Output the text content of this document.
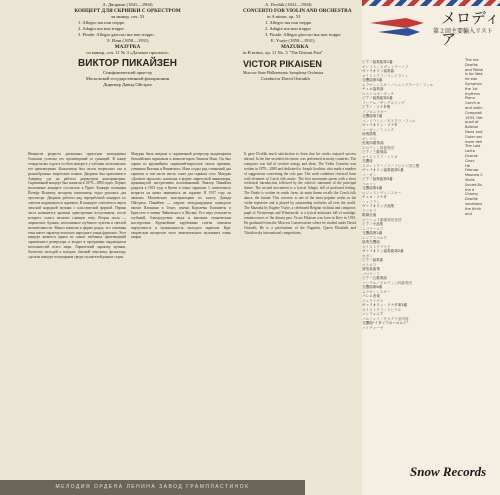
А. Дворжак (1841—1904)
КОНЦЕРТ ДЛЯ СКРИПКИ С ОРКЕСТРОМ
ля минор, соч. 53
1. Allegro ma non troppo
2. Adagio ma non troppo
3. Finale: Allegro giocoso ma non troppo
Э. Изаи (1858—1931)
МАЗУРКА
си минор, соч. 11 № 3 «Далекое прошлое»
ВИКТОР ПИКАЙЗЕН
Симфонический оркестр
Московской государственной филармонии
Дирижер Давид Ойстрах
A. Dvořák (1841—1904)
CONCERTO FOR VIOLIN AND ORCHESTRA
in A minor, op. 53
1. Allegro ma non troppo
2. Adagio ma non troppo
3. Finale: Allegro giocoso ma non troppo
E. Ysaÿe (1858—1931)
MAZURKA
in B minor, op. 11 No. 3 "The Distant Past"
VICTOR PIKAISEN
Moscow State Philharmonic Symphony Orchestra
Conductor David Oistrakh
Немногие редкость различных оркестров эксперимент большим успехам его произведений за границей. В конце семидесятых годов в особом интересе у публики пользовались его произведения. Композитор был полон творческих сил и разнообразных творческих планов. Дворжак был приглашен в Америку, где он работал директором консерватории. Скрипичный концерт был написан в 1879—1880 годах. Первое исполнение концерта состоялось в Праге. Концерт посвящен Йозефу Иоахиму, которому композитор отдал рукопись для просмотра. Дворжак работал над переработкой концерта по советам выдающегося скрипача. В концерте сочетаются черты чешской народной музыки с классической формой. Первая часть начинается кратким оркестровым вступлением, после которого солист излагает главную тему. Вторая часть — лирическое Адажио, исполненное глубокого чувства и светлой мечтательности. Финал написан в форме рондо, его основная тема имеет характер чешского народного танца фурианта. Этот концерт является одним из самых любимых произведений скрипичного репертуара и входит в программы выдающихся исполнителей всего мира. Лирический характер музыки, богатство мелодий и колорит, близкий чешскому фольклору, сделали концерт популярным среди слушателей разных стран.
Мазурка была введена в скрипичный репертуар выдающимся бельгийским скрипачом и композитором Эженом Изаи. Он был одним из крупнейших скрипачей-виртуозов своего времени, учеником Вьетана и Венявского. Изаи создал ряд сочинений для скрипки, в том числе шесть сонат для скрипки соло. Мазурка «Далекое прошлое» написана в форме лирической миниатюры, проникнутой настроением воспоминаний. Виктор Пикайзен родился в 1933 году в Киеве в семье скрипача. С пятилетнего возраста он начал заниматься на скрипке. В 1957 году он окончил Московскую консерваторию по классу Давида Ойстраха. Пикайзен — лауреат международных конкурсов имени Паганини в Генуе, имени Королевы Елизаветы в Брюсселе и имени Чайковского в Москве. Его игра отличается глубиной, благородством звука и высоким техническим мастерством. Крупнейшие зарубежные газеты отмечали виртуозность и музыкальность молодого скрипача. Круг творческих интересов этого замечательного музыканта очень широк.
If gave Dvořák much satisfaction to learn that his works enjoyed success abroad. In the late seventies his music was performed in many countries. The composer was full of creative energy and ideas. The Violin Concerto was written in 1879—1880 and dedicated to Joseph Joachim, who made a number of suggestions concerning the solo part. The work combines classical form with elements of Czech folk music. The first movement opens with a short orchestral introduction followed by the soloist's statement of the principal theme. The second movement is a lyrical Adagio full of profound feeling. The Finale is written in rondo form; its main theme recalls the Czech folk dance, the furiant. This concerto is one of the most popular works in the violin repertoire and is played by outstanding violinists all over the world. The Mazurka by Eugène Ysaÿe, a celebrated Belgian violinist and composer, pupil of Vieuxtemps and Wieniawski, is a lyrical miniature full of nostalgic reminiscences of the distant past. Victor Pikaisen was born in Kiev in 1933. He graduated from the Moscow Conservatoire where he studied under David Oistrakh. He is a prizewinner of the Paganini, Queen Elisabeth and Tchaikovsky international competitions.
МЕЛОДИЯ ОРДЕНА ЛЕНИНА ЗАВОД ГРАМПЛАСТИНОК
メロディア
第２回主要輸入リスト
ピアノ協奏曲第1番
ギレリス／スヴェトラーノフ
ヴァイオリン協奏曲
オイストラフ／コンドラシン
交響曲第5番
ムラヴィンスキー／レニングラード・フィル
チェロ協奏曲
ロストロポーヴィチ
ピアノ協奏曲第2番
リヒテル／ザンデルリング
ピアノ・ソナタ集
ソフロニツキー
交響曲第7番
コンドラシン／モスクワ・フィル
ヴァイオリン・ソナタ
コーガン／ミトニク
前奏曲集
ギレリス
弦楽四重奏曲
ボロディン四重奏団
ピアノ三重奏曲
オイストラフ・トリオ
交響詩
スヴェトラーノフ／ソビエト国立響
ヴァイオリン協奏曲第1番
コーガン
ピアノ協奏曲第3番
ベルマン
交響曲第4番
ロジェストヴェンスキー
チェロ・ソナタ
シャフラン
ヴァイオリン小品集
クリモフ
歌劇全曲
ボリショイ劇場管弦楽団
ピアノ小品集
ニコラーエワ
交響曲第2番
エリアスベルク
協奏交響曲
オイストラフ父子
ヴァイオリン協奏曲第2番
カガン
ピアノ協奏曲
ペトロフ
管弦楽曲集
ゴロワノフ
ピアノ五重奏曲
リヒテル／ボロディン四重奏団
交響曲第6番
ムラヴィンスキー
バレエ音楽
ジュライチス
ヴァイオリン・ソナタ第3番
オイストラフ／リヒテル
シンフォニア
バルシャイ／モスクワ室内管
交響曲"イタリアのハロルド"
パイチャーゼ
The me
Dvořák
and Polish
is for Wak
he stor
Symphon
the 1st
rhythms
Piano
Czech w
and violin
Composit
1933. Her
pupil of
Bolshoi
Dana and
Outer sec
more deli
The Last
Lacta
Dvorak
Ciacc
He
Februar
Moscow C
Violin
Soviet-Ru
the d
Champ
Dvořák
vocations
the Kirkh
and
Snow Records
